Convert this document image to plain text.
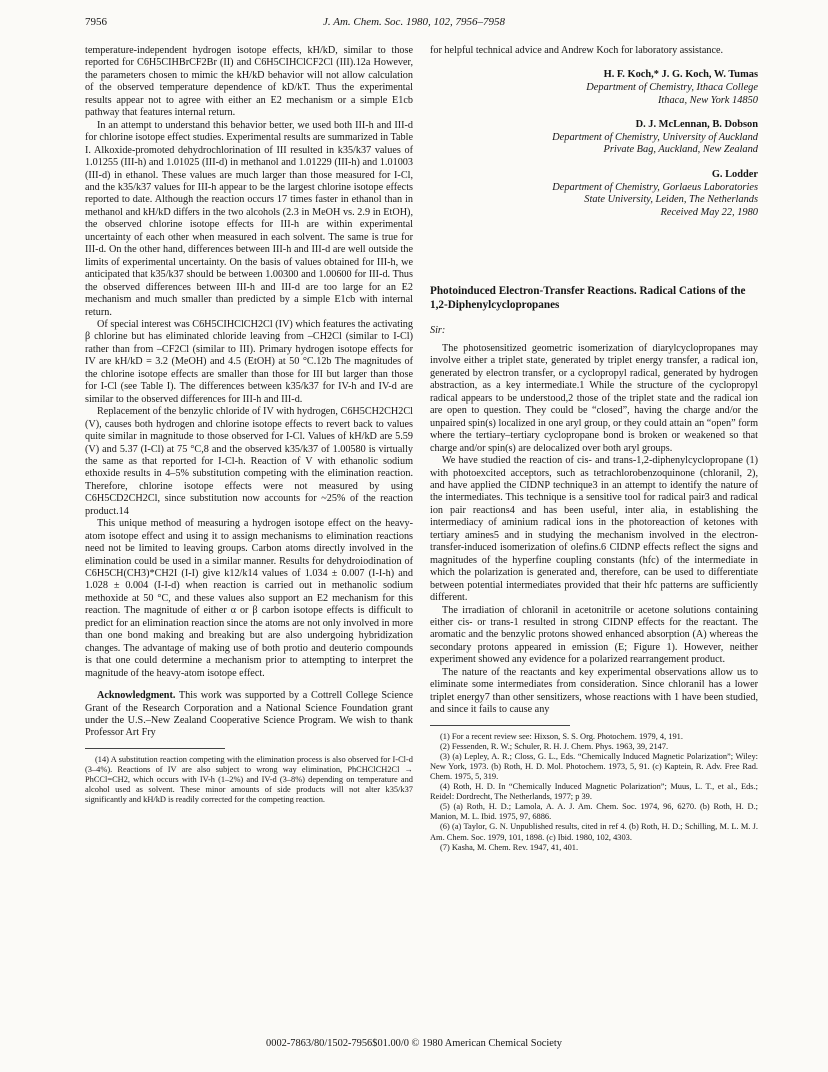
7956	J. Am. Chem. Soc. 1980, 102, 7956–7958

temperature-independent hydrogen isotope effects, kH/kD, similar to those reported for C6H5CIHBrCF2Br (II) and C6H5CIHClCF2Cl (III).12a However, the parameters chosen to mimic the kH/kD behavior will not allow calculation of the observed temperature dependence of kD/kT. Thus the experimental results appear not to agree with either an E2 mechanism or a simple E1cb pathway that features internal return.

In an attempt to understand this behavior better, we used both III-h and III-d for chlorine isotope effect studies. Experimental results are summarized in Table I. Alkoxide-promoted dehydrochlorination of III resulted in k35/k37 values of 1.01255 (III-h) and 1.01025 (III-d) in methanol and 1.01229 (III-h) and 1.01003 (III-d) in ethanol. These values are much larger than those measured for I-Cl, and the k35/k37 values for III-h appear to be the largest chlorine isotope effects reported to date. Although the reaction occurs 17 times faster in ethanol than in methanol and kH/kD differs in the two alcohols (2.3 in MeOH vs. 2.9 in EtOH), the observed chlorine isotope effects for III-h are within experimental uncertainty of each other when measured in each solvent. The same is true for III-d. On the other hand, differences between III-h and III-d are well outside the limits of experimental uncertainty. On the basis of values obtained for III-h, we anticipated that k35/k37 should be between 1.00300 and 1.00600 for III-d. Thus the observed differences between III-h and III-d are too large for an E2 mechanism and much smaller than predicted by a simple E1cb with internal return.

Of special interest was C6H5CIHClCH2Cl (IV) which features the activating β chlorine but has eliminated chloride leaving from –CH2Cl (similar to I-Cl) rather than from –CF2Cl (similar to III). Primary hydrogen isotope effects for IV are kH/kD = 3.2 (MeOH) and 4.5 (EtOH) at 50 °C.12b The magnitudes of the chlorine isotope effects are smaller than those for III but larger than those for I-Cl (see Table I). The differences between k35/k37 for IV-h and IV-d are similar to the observed differences for III-h and III-d.

Replacement of the benzylic chloride of IV with hydrogen, C6H5CH2CH2Cl (V), causes both hydrogen and chlorine isotope effects to revert back to values quite similar in magnitude to those observed for I-Cl. Values of kH/kD are 5.59 (V) and 5.37 (I-Cl) at 75 °C,8 and the observed k35/k37 of 1.00580 is virtually the same as that reported for I-Cl-h. Reaction of V with ethanolic sodium ethoxide results in 4–5% substitution competing with the elimination reaction. Therefore, chlorine isotope effects were not measured by using C6H5CD2CH2Cl, since substitution now accounts for ~25% of the reaction product.14

This unique method of measuring a hydrogen isotope effect on the heavy-atom isotope effect and using it to assign mechanisms to elimination reactions need not be limited to leaving groups. Carbon atoms directly involved in the elimination could be used in a similar manner. Results for dehydroiodination of C6H5CH(CH3)*CH2I (I-I) give k12/k14 values of 1.034 ± 0.007 (I-I-h) and 1.028 ± 0.004 (I-I-d) when reaction is carried out in methanolic sodium methoxide at 50 °C, and these values also support an E2 mechanism for this reaction. The magnitude of either α or β carbon isotope effects is difficult to predict for an elimination reaction since the atoms are not only involved in more than one bond making and breaking but are also undergoing hybridization changes. The advantage of making use of both protio and deuterio compounds is that one could determine a mechanism prior to attempting to interpret the magnitude of the heavy-atom isotope effect.

Acknowledgment. This work was supported by a Cottrell College Science Grant of the Research Corporation and a National Science Foundation grant under the U.S.–New Zealand Cooperative Science Program. We wish to thank Professor Art Fry

(14) A substitution reaction competing with the elimination process is also observed for I-Cl-d (3–4%). Reactions of IV are also subject to wrong way elimination, PhCHClCH2Cl → PhCCl=CH2, which occurs with IV-h (1–2%) and IV-d (3–8%) depending on temperature and alcohol used as solvent. These minor amounts of side products will not alter k35/k37 significantly and kH/kD is readily corrected for the competing reaction.

for helpful technical advice and Andrew Koch for laboratory assistance.

H. F. Koch,* J. G. Koch, W. Tumas
Department of Chemistry, Ithaca College
Ithaca, New York 14850
D. J. McLennan, B. Dobson
Department of Chemistry, University of Auckland
Private Bag, Auckland, New Zealand
G. Lodder
Department of Chemistry, Gorlaeus Laboratories
State University, Leiden, The Netherlands
Received May 22, 1980
Photoinduced Electron-Transfer Reactions. Radical Cations of the 1,2-Diphenylcyclopropanes
Sir:

The photosensitized geometric isomerization of diarylcyclopropanes may involve either a triplet state, generated by triplet energy transfer, a radical ion, generated by electron transfer, or a cyclopropyl radical, generated by hydrogen abstraction, as a key intermediate.1 While the structure of the cyclopropyl radical appears to be understood,2 those of the triplet state and the radical ion are open to question. They could be “closed”, having the charge and/or the unpaired spin(s) localized in one aryl group, or they could attain an “open” form where the tertiary–tertiary cyclopropane bond is broken or weakened so that charge and/or spin(s) are delocalized over both aryl groups.

We have studied the reaction of cis- and trans-1,2-diphenylcyclopropane (1) with photoexcited acceptors, such as tetrachlorobenzoquinone (chloranil, 2), and have applied the CIDNP technique3 in an attempt to identify the nature of the intermediates. This technique is a sensitive tool for radical pair3 and radical ion pair reactions4 and has been useful, inter alia, in establishing the intermediacy of aminium radical ions in the photoreaction of ketones with tertiary amines5 and in studying the mechanism involved in the electron-transfer-induced isomerization of olefins.6 CIDNP effects reflect the signs and magnitudes of the hyperfine coupling constants (hfc) of the intermediate in which the polarization is generated and, therefore, can be used to differentiate between potential intermediates provided that their hfc patterns are sufficiently different.

The irradiation of chloranil in acetonitrile or acetone solutions containing either cis- or trans-1 resulted in strong CIDNP effects for the reactant. The aromatic and the benzylic protons showed enhanced absorption (A) whereas the secondary protons appeared in emission (E; Figure 1). However, neither experiment showed any evidence for a polarized rearrangement product.

The nature of the reactants and key experimental observations allow us to eliminate some intermediates from consideration. Since chloranil has a lower triplet energy7 than other sensitizers, whose reactions with 1 have been studied, and since it fails to cause any

(1) For a recent review see: Hixson, S. S. Org. Photochem. 1979, 4, 191.
(2) Fessenden, R. W.; Schuler, R. H. J. Chem. Phys. 1963, 39, 2147.
(3) (a) Lepley, A. R.; Closs, G. L., Eds. “Chemically Induced Magnetic Polarization”; Wiley: New York, 1973. (b) Roth, H. D. Mol. Photochem. 1973, 5, 91. (c) Kaptein, R. Adv. Free Rad. Chem. 1975, 5, 319.
(4) Roth, H. D. In “Chemically Induced Magnetic Polarization”; Muus, L. T., et al., Eds.; Reidel: Dordrecht, The Netherlands, 1977; p 39.
(5) (a) Roth, H. D.; Lamola, A. A. J. Am. Chem. Soc. 1974, 96, 6270. (b) Roth, H. D.; Manion, M. L. Ibid. 1975, 97, 6886.
(6) (a) Taylor, G. N. Unpublished results, cited in ref 4. (b) Roth, H. D.; Schilling, M. L. M. J. Am. Chem. Soc. 1979, 101, 1898. (c) Ibid. 1980, 102, 4303.
(7) Kasha, M. Chem. Rev. 1947, 41, 401.
0002-7863/80/1502-7956$01.00/0 © 1980 American Chemical Society
